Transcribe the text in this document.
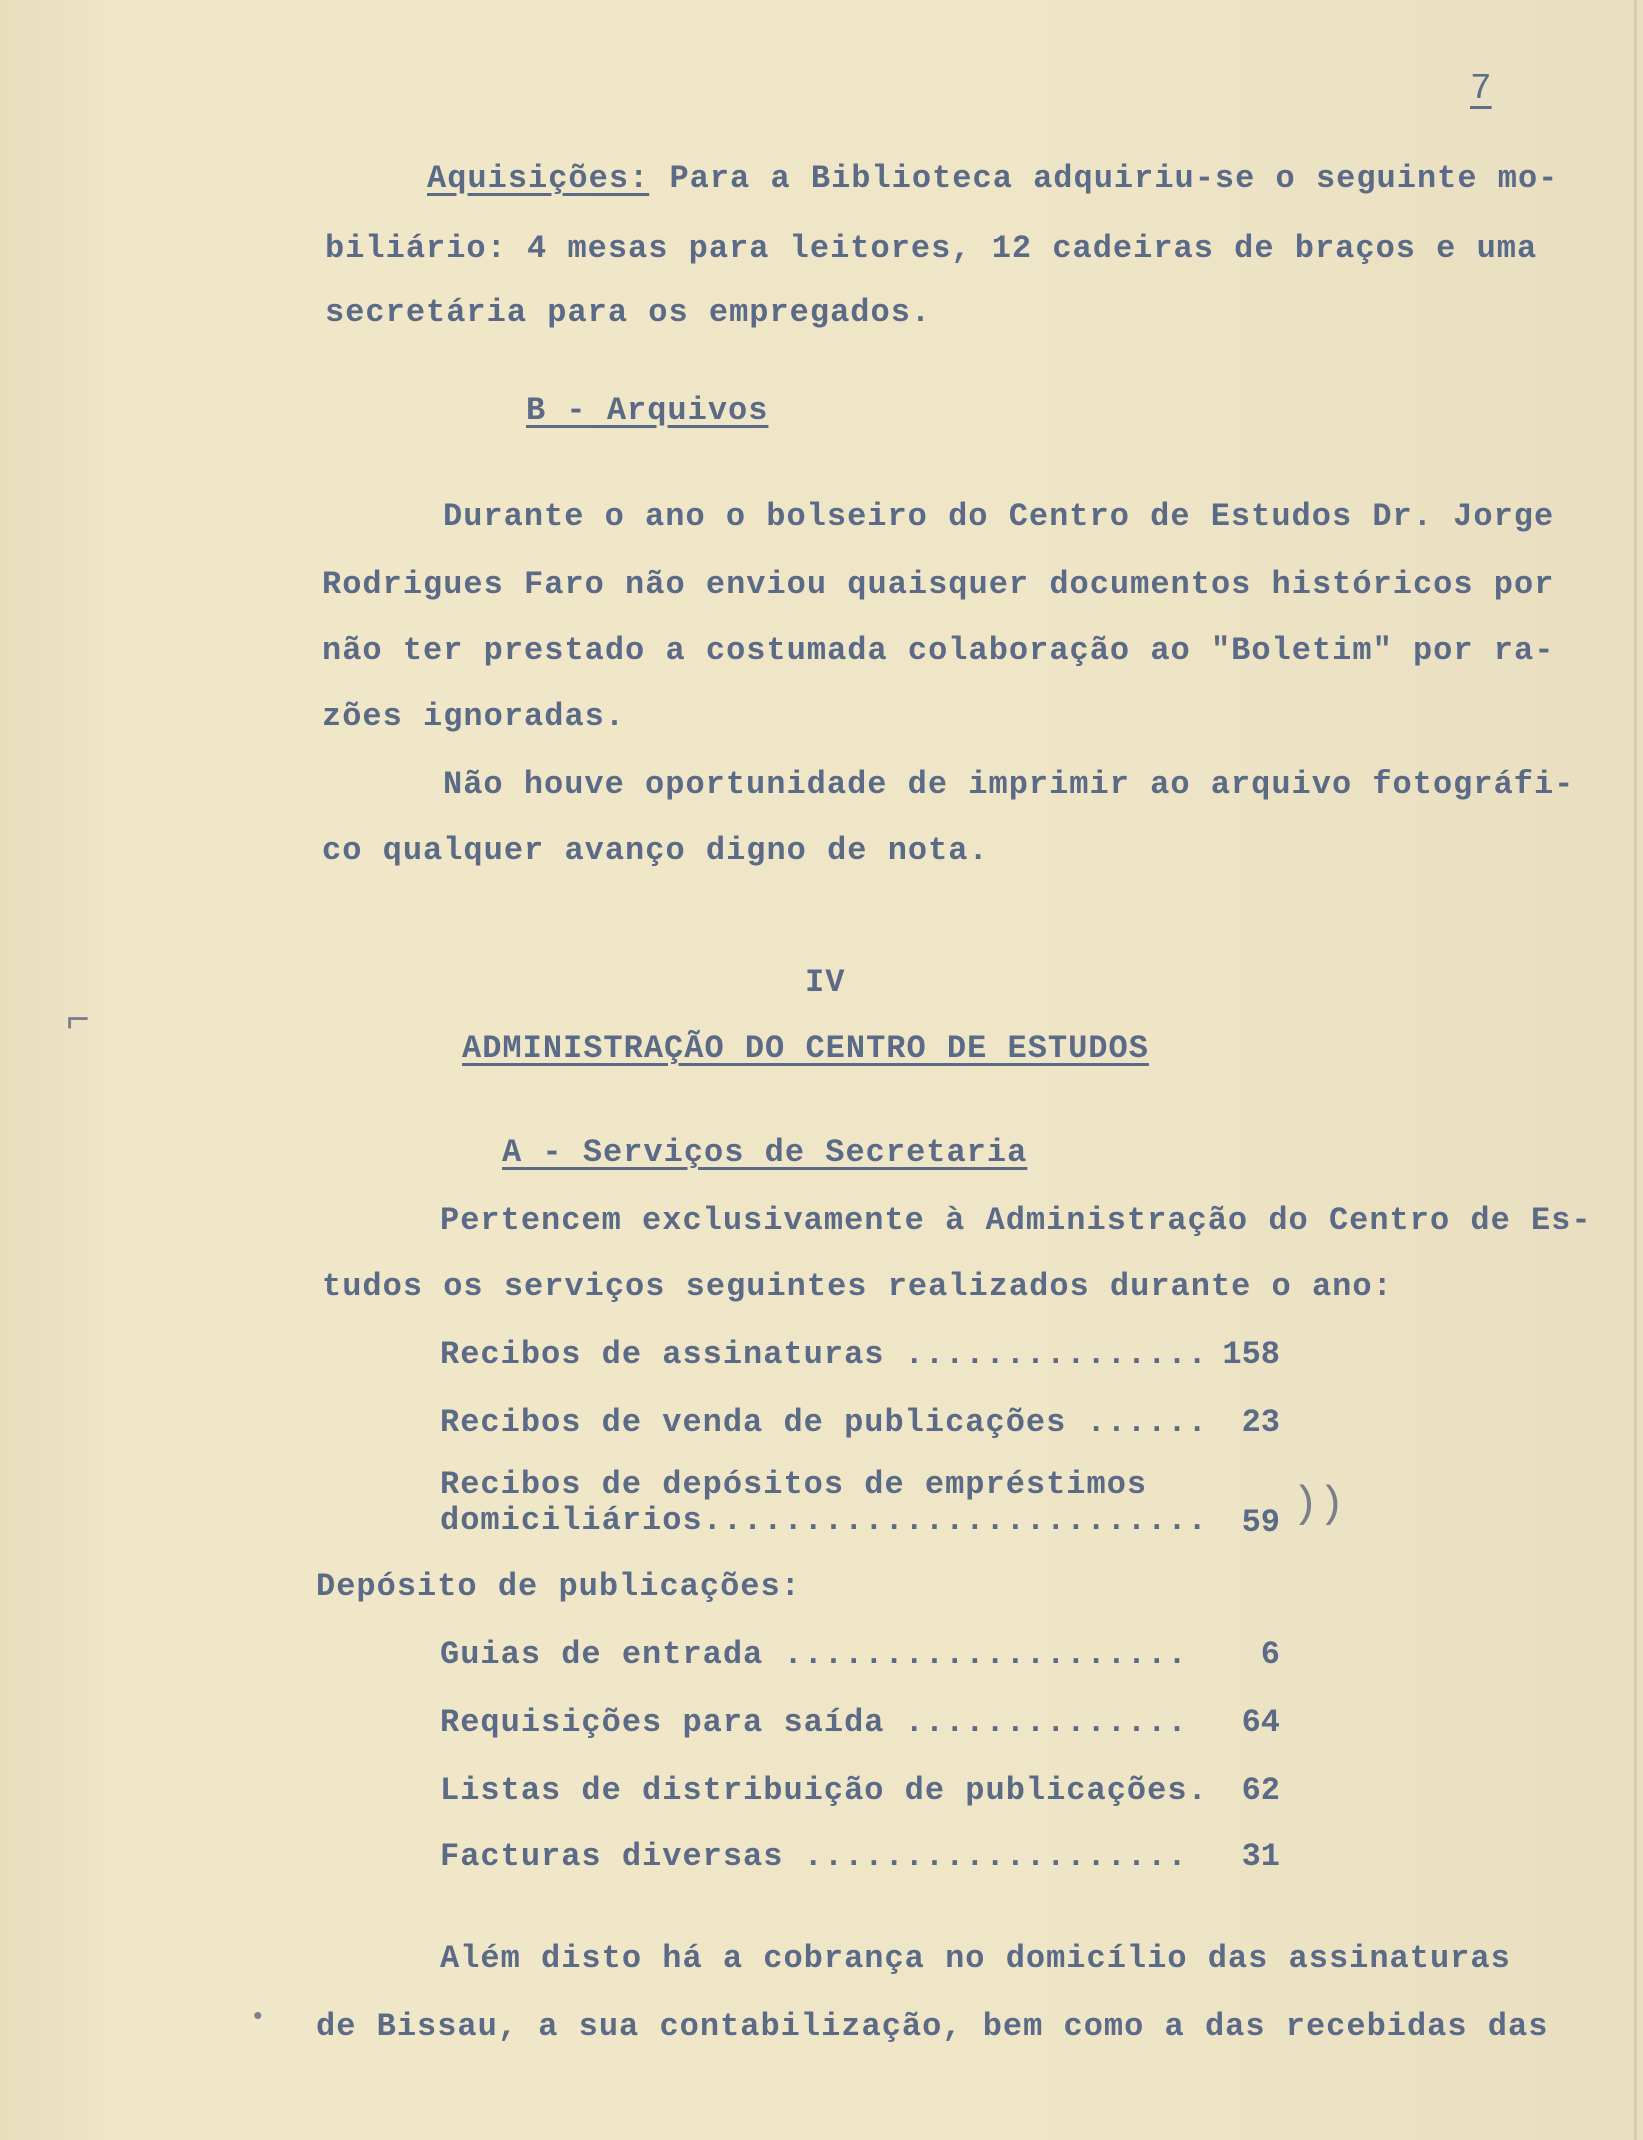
7
Aquisições: Para a Biblioteca adquiriu-se o seguinte mo-
biliário: 4 mesas para leitores, 12 cadeiras de braços e uma
secretária para os empregados.
B - Arquivos
Durante o ano o bolseiro do Centro de Estudos Dr. Jorge
Rodrigues Faro não enviou quaisquer documentos históricos por
não ter prestado a costumada colaboração ao "Boletim" por ra-
zões ignoradas.
Não houve oportunidade de imprimir ao arquivo fotográfi-
co qualquer avanço digno de nota.
IV
ADMINISTRAÇÃO DO CENTRO DE ESTUDOS
A - Serviços de Secretaria
Pertencem exclusivamente à Administração do Centro de Es-
tudos os serviços seguintes realizados durante o ano:
Recibos de assinaturas ............... 158
Recibos de venda de publicações ......	23
Recibos de depósitos de empréstimos
domiciliários.........................	59 ))
Depósito de publicações:
Guias de entrada ....................	6
Requisições para saída ..............	64
Listas de distribuição de publicações.	62
Facturas diversas ...................	31
Além disto há a cobrança no domicílio das assinaturas
de Bissau, a sua contabilização, bem como a das recebidas das
⌐
•
